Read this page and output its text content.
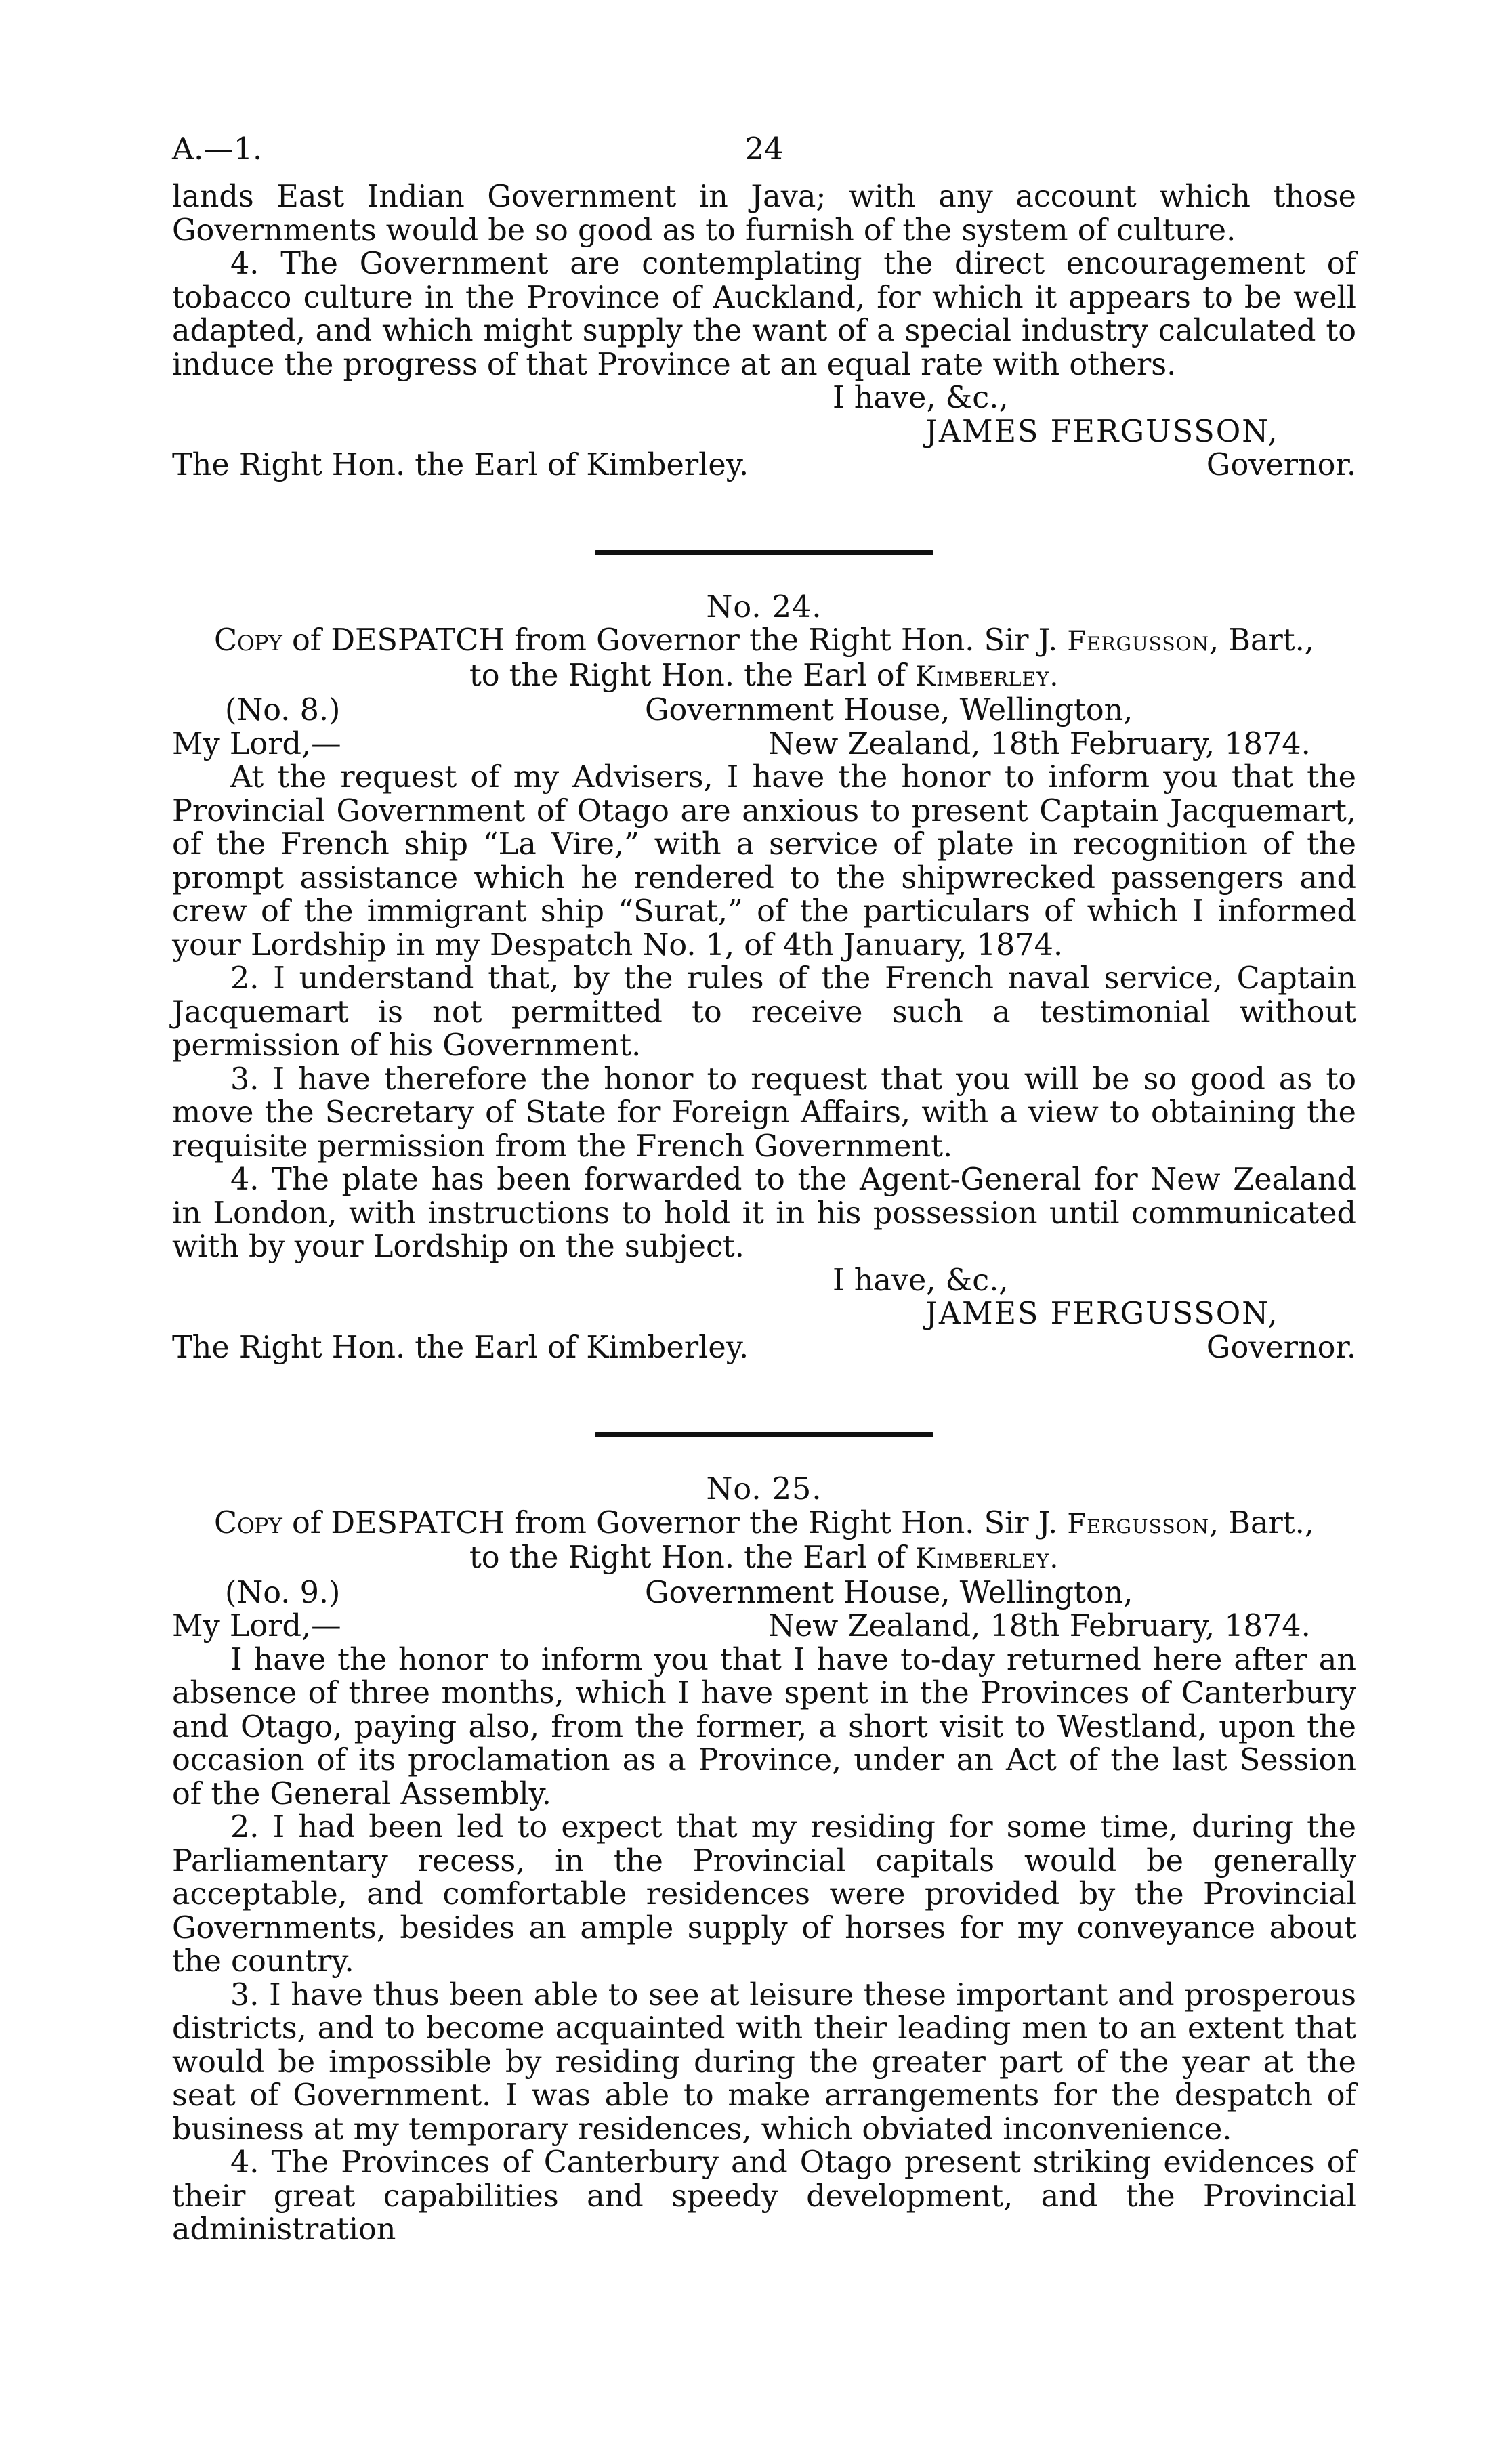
A.—1.	24

lands East Indian Government in Java; with any account which those Governments would be so good as to furnish of the system of culture.

4. The Government are contemplating the direct encouragement of tobacco culture in the Province of Auckland, for which it appears to be well adapted, and which might supply the want of a special industry calculated to induce the progress of that Province at an equal rate with others.

I have, &c.,
JAMES FERGUSSON,
The Right Hon. the Earl of Kimberley.	Governor.
No. 24.
Copy of DESPATCH from Governor the Right Hon. Sir J. Fergusson, Bart.,
to the Right Hon. the Earl of Kimberley.
(No. 8.)	Government House, Wellington,
My Lord,—	New Zealand, 18th February, 1874.

At the request of my Advisers, I have the honor to inform you that the Provincial Government of Otago are anxious to present Captain Jacquemart, of the French ship “La Vire,” with a service of plate in recognition of the prompt assistance which he rendered to the shipwrecked passengers and crew of the immigrant ship “Surat,” of the particulars of which I informed your Lordship in my Despatch No. 1, of 4th January, 1874.

2. I understand that, by the rules of the French naval service, Captain Jacquemart is not permitted to receive such a testimonial without permission of his Government.

3. I have therefore the honor to request that you will be so good as to move the Secretary of State for Foreign Affairs, with a view to obtaining the requisite permission from the French Government.

4. The plate has been forwarded to the Agent-General for New Zealand in London, with instructions to hold it in his possession until communicated with by your Lordship on the subject.

I have, &c.,
JAMES FERGUSSON,
The Right Hon. the Earl of Kimberley.	Governor.
No. 25.
Copy of DESPATCH from Governor the Right Hon. Sir J. Fergusson, Bart.,
to the Right Hon. the Earl of Kimberley.
(No. 9.)	Government House, Wellington,
My Lord,—	New Zealand, 18th February, 1874.

I have the honor to inform you that I have to-day returned here after an absence of three months, which I have spent in the Provinces of Canterbury and Otago, paying also, from the former, a short visit to Westland, upon the occasion of its proclamation as a Province, under an Act of the last Session of the General Assembly.

2. I had been led to expect that my residing for some time, during the Parliamentary recess, in the Provincial capitals would be generally acceptable, and comfortable residences were provided by the Provincial Governments, besides an ample supply of horses for my conveyance about the country.

3. I have thus been able to see at leisure these important and prosperous districts, and to become acquainted with their leading men to an extent that would be impossible by residing during the greater part of the year at the seat of Government. I was able to make arrangements for the despatch of business at my temporary residences, which obviated inconvenience.

4. The Provinces of Canterbury and Otago present striking evidences of their great capabilities and speedy development, and the Provincial administration
